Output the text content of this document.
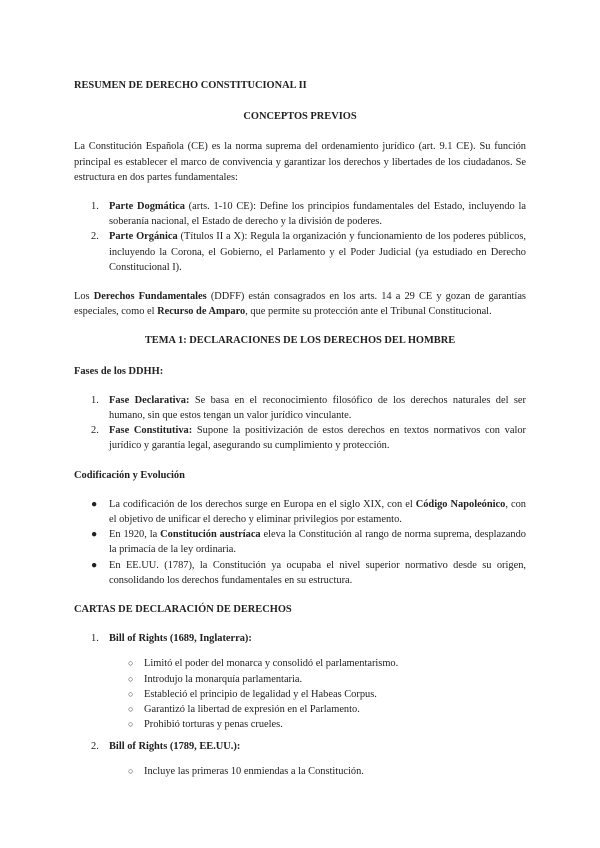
RESUMEN DE DERECHO CONSTITUCIONAL II
CONCEPTOS PREVIOS

La Constitución Española (CE) es la norma suprema del ordenamiento jurídico (art. 9.1 CE). Su función principal es establecer el marco de convivencia y garantizar los derechos y libertades de los ciudadanos. Se estructura en dos partes fundamentales:

1. Parte Dogmática (arts. 1-10 CE): Define los principios fundamentales del Estado, incluyendo la soberanía nacional, el Estado de derecho y la división de poderes.
2. Parte Orgánica (Títulos II a X): Regula la organización y funcionamiento de los poderes públicos, incluyendo la Corona, el Gobierno, el Parlamento y el Poder Judicial (ya estudiado en Derecho Constitucional I).

Los Derechos Fundamentales (DDFF) están consagrados en los arts. 14 a 29 CE y gozan de garantías especiales, como el Recurso de Amparo, que permite su protección ante el Tribunal Constitucional.

TEMA 1: DECLARACIONES DE LOS DERECHOS DEL HOMBRE
Fases de los DDHH:
1. Fase Declarativa: Se basa en el reconocimiento filosófico de los derechos naturales del ser humano, sin que estos tengan un valor jurídico vinculante.
2. Fase Constitutiva: Supone la positivización de estos derechos en textos normativos con valor jurídico y garantía legal, asegurando su cumplimiento y protección.
Codificación y Evolución
● La codificación de los derechos surge en Europa en el siglo XIX, con el Código Napoleónico, con el objetivo de unificar el derecho y eliminar privilegios por estamento.
● En 1920, la Constitución austríaca eleva la Constitución al rango de norma suprema, desplazando la primacía de la ley ordinaria.
● En EE.UU. (1787), la Constitución ya ocupaba el nivel superior normativo desde su origen, consolidando los derechos fundamentales en su estructura.
CARTAS DE DECLARACIÓN DE DERECHOS
1. Bill of Rights (1689, Inglaterra):
○ Limitó el poder del monarca y consolidó el parlamentarismo.
○ Introdujo la monarquía parlamentaria.
○ Estableció el principio de legalidad y el Habeas Corpus.
○ Garantizó la libertad de expresión en el Parlamento.
○ Prohibió torturas y penas crueles.
2. Bill of Rights (1789, EE.UU.):
○ Incluye las primeras 10 enmiendas a la Constitución.
